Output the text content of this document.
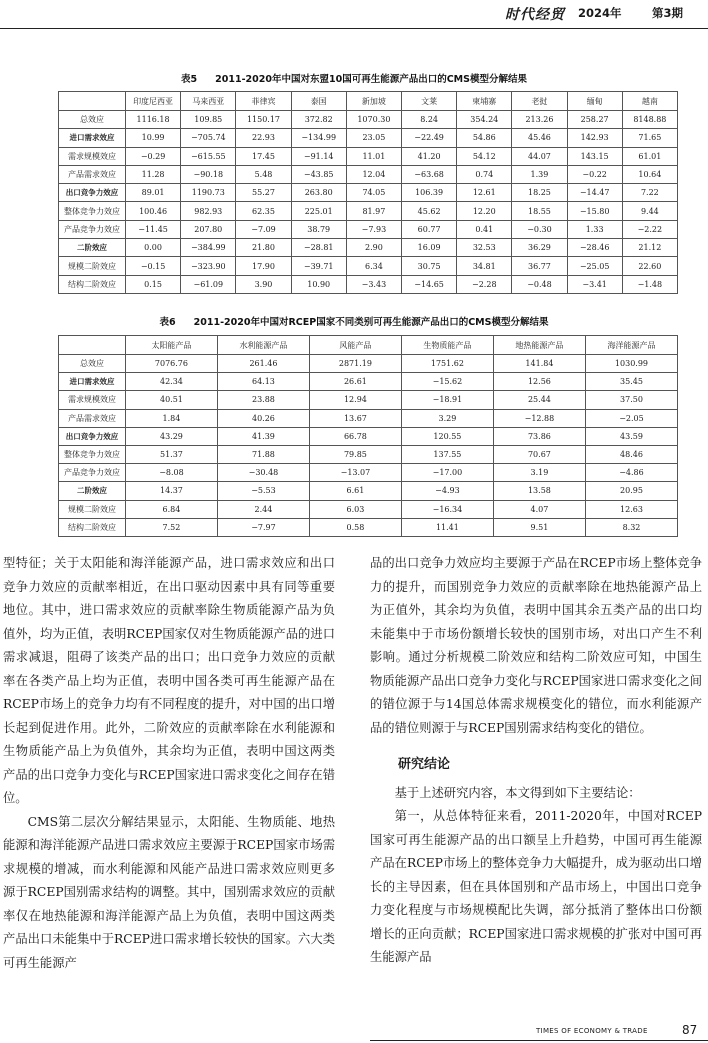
时代经贸 2024年	第3期
表5 2011-2020年中国对东盟10国可再生能源产品出口的CMS模型分解结果
	印度尼西亚	马来西亚	菲律宾	泰国	新加坡	文莱	柬埔寨	老挝	缅甸	越南
总效应	1116.18	109.85	1150.17	372.82	1070.30	8.24	354.24	213.26	258.27	8148.88
进口需求效应	10.99	−705.74	22.93	−134.99	23.05	−22.49	54.86	45.46	142.93	71.65
需求规模效应	−0.29	−615.55	17.45	−91.14	11.01	41.20	54.12	44.07	143.15	61.01
产品需求效应	11.28	−90.18	5.48	−43.85	12.04	−63.68	0.74	1.39	−0.22	10.64
出口竞争力效应	89.01	1190.73	55.27	263.80	74.05	106.39	12.61	18.25	−14.47	7.22
整体竞争力效应	100.46	982.93	62.35	225.01	81.97	45.62	12.20	18.55	−15.80	9.44
产品竞争力效应	−11.45	207.80	−7.09	38.79	−7.93	60.77	0.41	−0.30	1.33	−2.22
二阶效应	0.00	−384.99	21.80	−28.81	2.90	16.09	32.53	36.29	−28.46	21.12
规模二阶效应	−0.15	−323.90	17.90	−39.71	6.34	30.75	34.81	36.77	−25.05	22.60
结构二阶效应	0.15	−61.09	3.90	10.90	−3.43	−14.65	−2.28	−0.48	−3.41	−1.48
表6 2011-2020年中国对RCEP国家不同类别可再生能源产品出口的CMS模型分解结果
	太阳能产品	水利能源产品	风能产品	生物质能产品	地热能源产品	海洋能源产品
总效应	7076.76	261.46	2871.19	1751.62	141.84	1030.99
进口需求效应	42.34	64.13	26.61	−15.62	12.56	35.45
需求规模效应	40.51	23.88	12.94	−18.91	25.44	37.50
产品需求效应	1.84	40.26	13.67	3.29	−12.88	−2.05
出口竞争力效应	43.29	41.39	66.78	120.55	73.86	43.59
整体竞争力效应	51.37	71.88	79.85	137.55	70.67	48.46
产品竞争力效应	−8.08	−30.48	−13.07	−17.00	3.19	−4.86
二阶效应	14.37	−5.53	6.61	−4.93	13.58	20.95
规模二阶效应	6.84	2.44	6.03	−16.34	4.07	12.63
结构二阶效应	7.52	−7.97	0.58	11.41	9.51	8.32

型特征；关于太阳能和海洋能源产品，进口需求效应和出口竞争力效应的贡献率相近，在出口驱动因素中具有同等重要地位。其中，进口需求效应的贡献率除生物质能源产品为负值外，均为正值，表明RCEP国家仅对生物质能源产品的进口需求减退，阻碍了该类产品的出口；出口竞争力效应的贡献率在各类产品上均为正值，表明中国各类可再生能源产品在RCEP市场上的竞争力均有不同程度的提升，对中国的出口增长起到促进作用。此外，二阶效应的贡献率除在水利能源和生物质能产品上为负值外，其余均为正值，表明中国这两类产品的出口竞争力变化与RCEP国家进口需求变化之间存在错位。

CMS第二层次分解结果显示，太阳能、生物质能、地热能源和海洋能源产品进口需求效应主要源于RCEP国家市场需求规模的增减，而水利能源和风能产品进口需求效应则更多源于RCEP国别需求结构的调整。其中，国别需求效应的贡献率仅在地热能源和海洋能源产品上为负值，表明中国这两类产品出口未能集中于RCEP进口需求增长较快的国家。六大类可再生能源产

品的出口竞争力效应均主要源于产品在RCEP市场上整体竞争力的提升，而国别竞争力效应的贡献率除在地热能源产品上为正值外，其余均为负值，表明中国其余五类产品的出口均未能集中于市场份额增长较快的国别市场，对出口产生不利影响。通过分析规模二阶效应和结构二阶效应可知，中国生物质能源产品出口竞争力变化与RCEP国家进口需求变化之间的错位源于与14国总体需求规模变化的错位，而水利能源产品的错位则源于与RCEP国别需求结构变化的错位。

研究结论

基于上述研究内容，本文得到如下主要结论：

第一，从总体特征来看，2011-2020年，中国对RCEP国家可再生能源产品的出口额呈上升趋势，中国可再生能源产品在RCEP市场上的整体竞争力大幅提升，成为驱动出口增长的主导因素，但在具体国别和产品市场上，中国出口竞争力变化程度与市场规模配比失调，部分抵消了整体出口份额增长的正向贡献；RCEP国家进口需求规模的扩张对中国可再生能源产品

TIMES OF ECONOMY & TRADE	87
